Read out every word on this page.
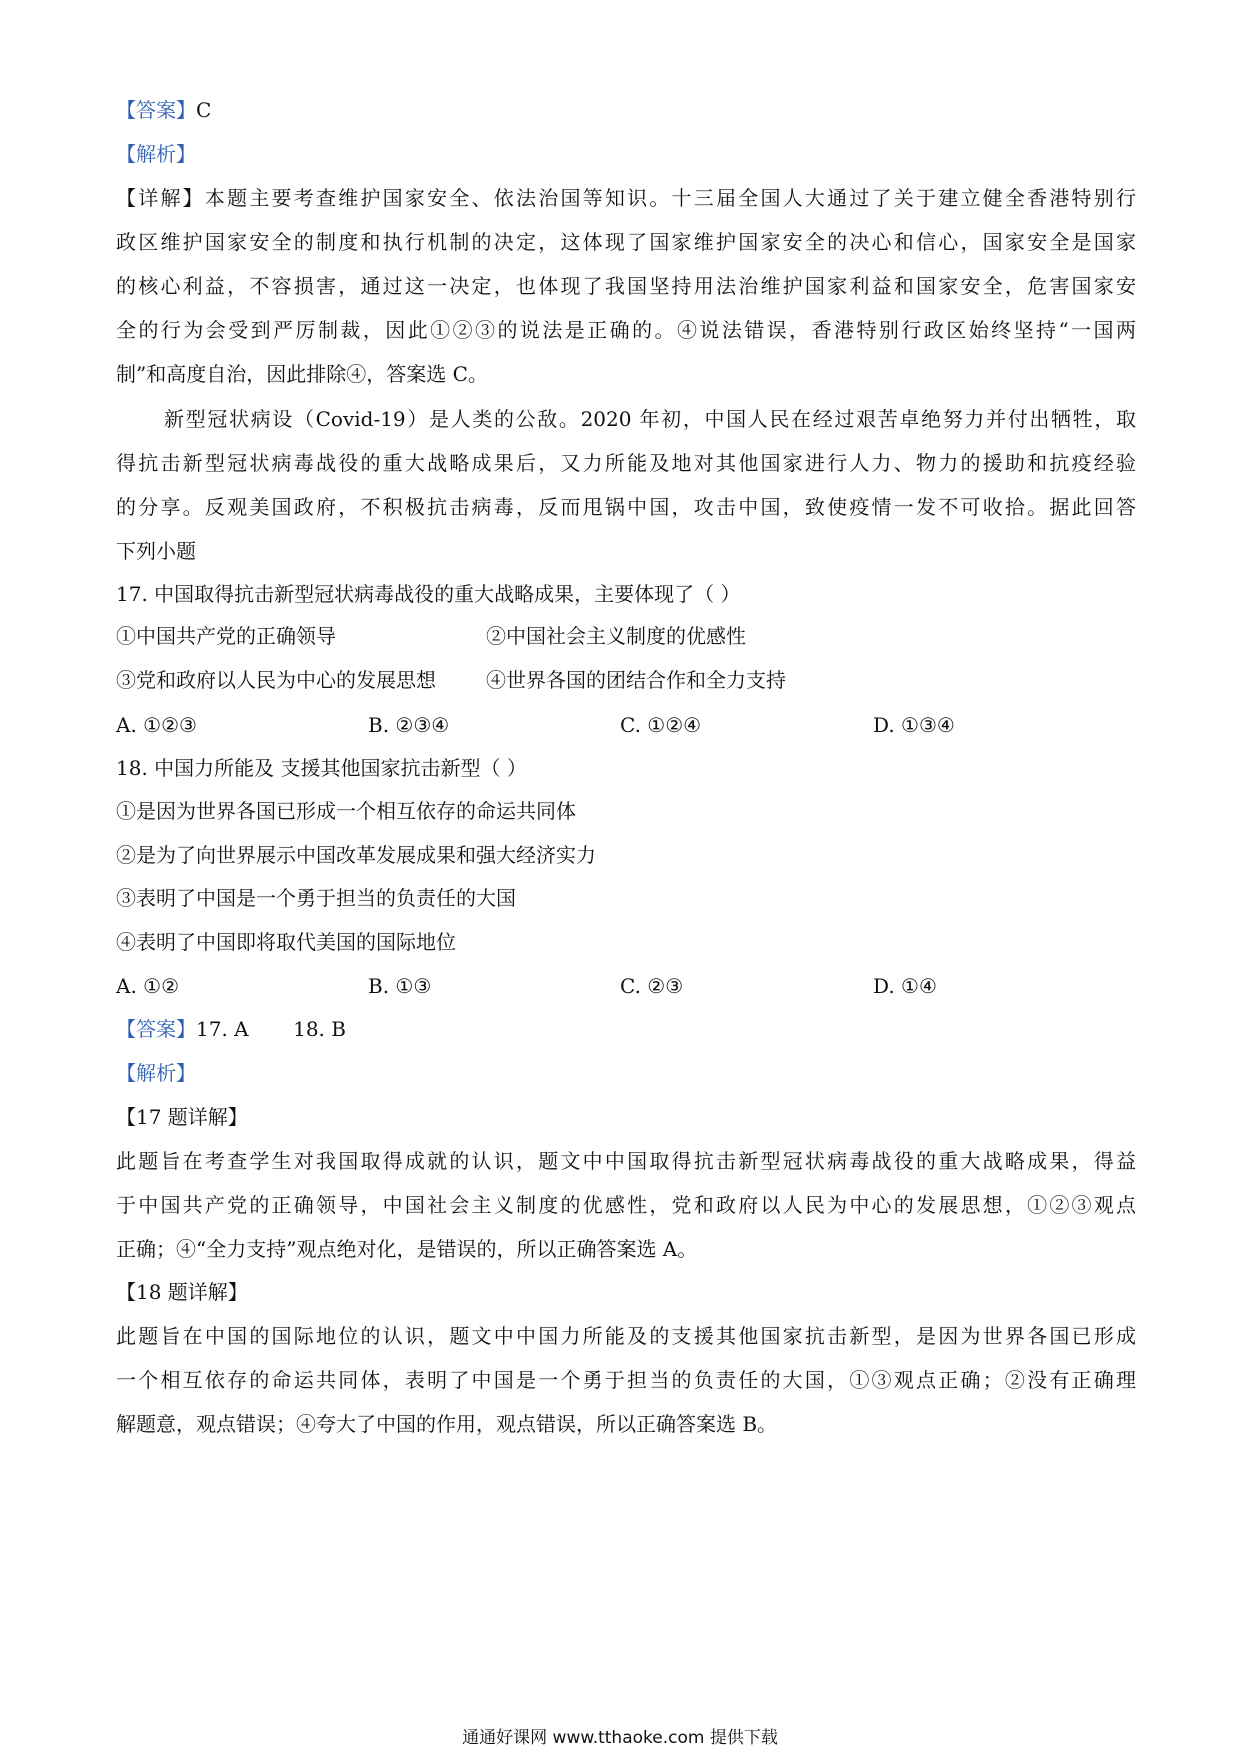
【答案】C
【解析】
【详解】本题主要考查维护国家安全、依法治国等知识。十三届全国人大通过了关于建立健全香港特别行
政区维护国家安全的制度和执行机制的决定，这体现了国家维护国家安全的决心和信心，国家安全是国家
的核心利益，不容损害，通过这一决定，也体现了我国坚持用法治维护国家利益和国家安全，危害国家安
全的行为会受到严厉制裁，因此①②③的说法是正确的。④说法错误，香港特别行政区始终坚持“一国两
制”和高度自治，因此排除④，答案选 C。
新型冠状病设（Covid-19）是人类的公敌。2020 年初，中国人民在经过艰苦卓绝努力并付出牺牲，取
得抗击新型冠状病毒战役的重大战略成果后，又力所能及地对其他国家进行人力、物力的援助和抗疫经验
的分享。反观美国政府，不积极抗击病毒，反而甩锅中国，攻击中国，致使疫情一发不可收拾。据此回答
下列小题
17. 中国取得抗击新型冠状病毒战役的重大战略成果，主要体现了（ ）
①中国共产党的正确领导	②中国社会主义制度的优感性
③党和政府以人民为中心的发展思想	④世界各国的团结合作和全力支持
A. ①②③	B. ②③④	C. ①②④	D. ①③④
18. 中国力所能及 支援其他国家抗击新型（ ）
①是因为世界各国已形成一个相互依存的命运共同体
②是为了向世界展示中国改革发展成果和强大经济实力
③表明了中国是一个勇于担当的负责任的大国
④表明了中国即将取代美国的国际地位
A. ①②	B. ①③	C. ②③	D. ①④
【答案】17. A       18. B
【解析】
【17 题详解】
此题旨在考查学生对我国取得成就的认识，题文中中国取得抗击新型冠状病毒战役的重大战略成果，得益
于中国共产党的正确领导，中国社会主义制度的优感性，党和政府以人民为中心的发展思想，①②③观点
正确；④“全力支持”观点绝对化，是错误的，所以正确答案选 A。
【18 题详解】
此题旨在中国的国际地位的认识，题文中中国力所能及的支援其他国家抗击新型，是因为世界各国已形成
一个相互依存的命运共同体，表明了中国是一个勇于担当的负责任的大国，①③观点正确；②没有正确理
解题意，观点错误；④夸大了中国的作用，观点错误，所以正确答案选 B。
通通好课网 www.tthaoke.com 提供下载
